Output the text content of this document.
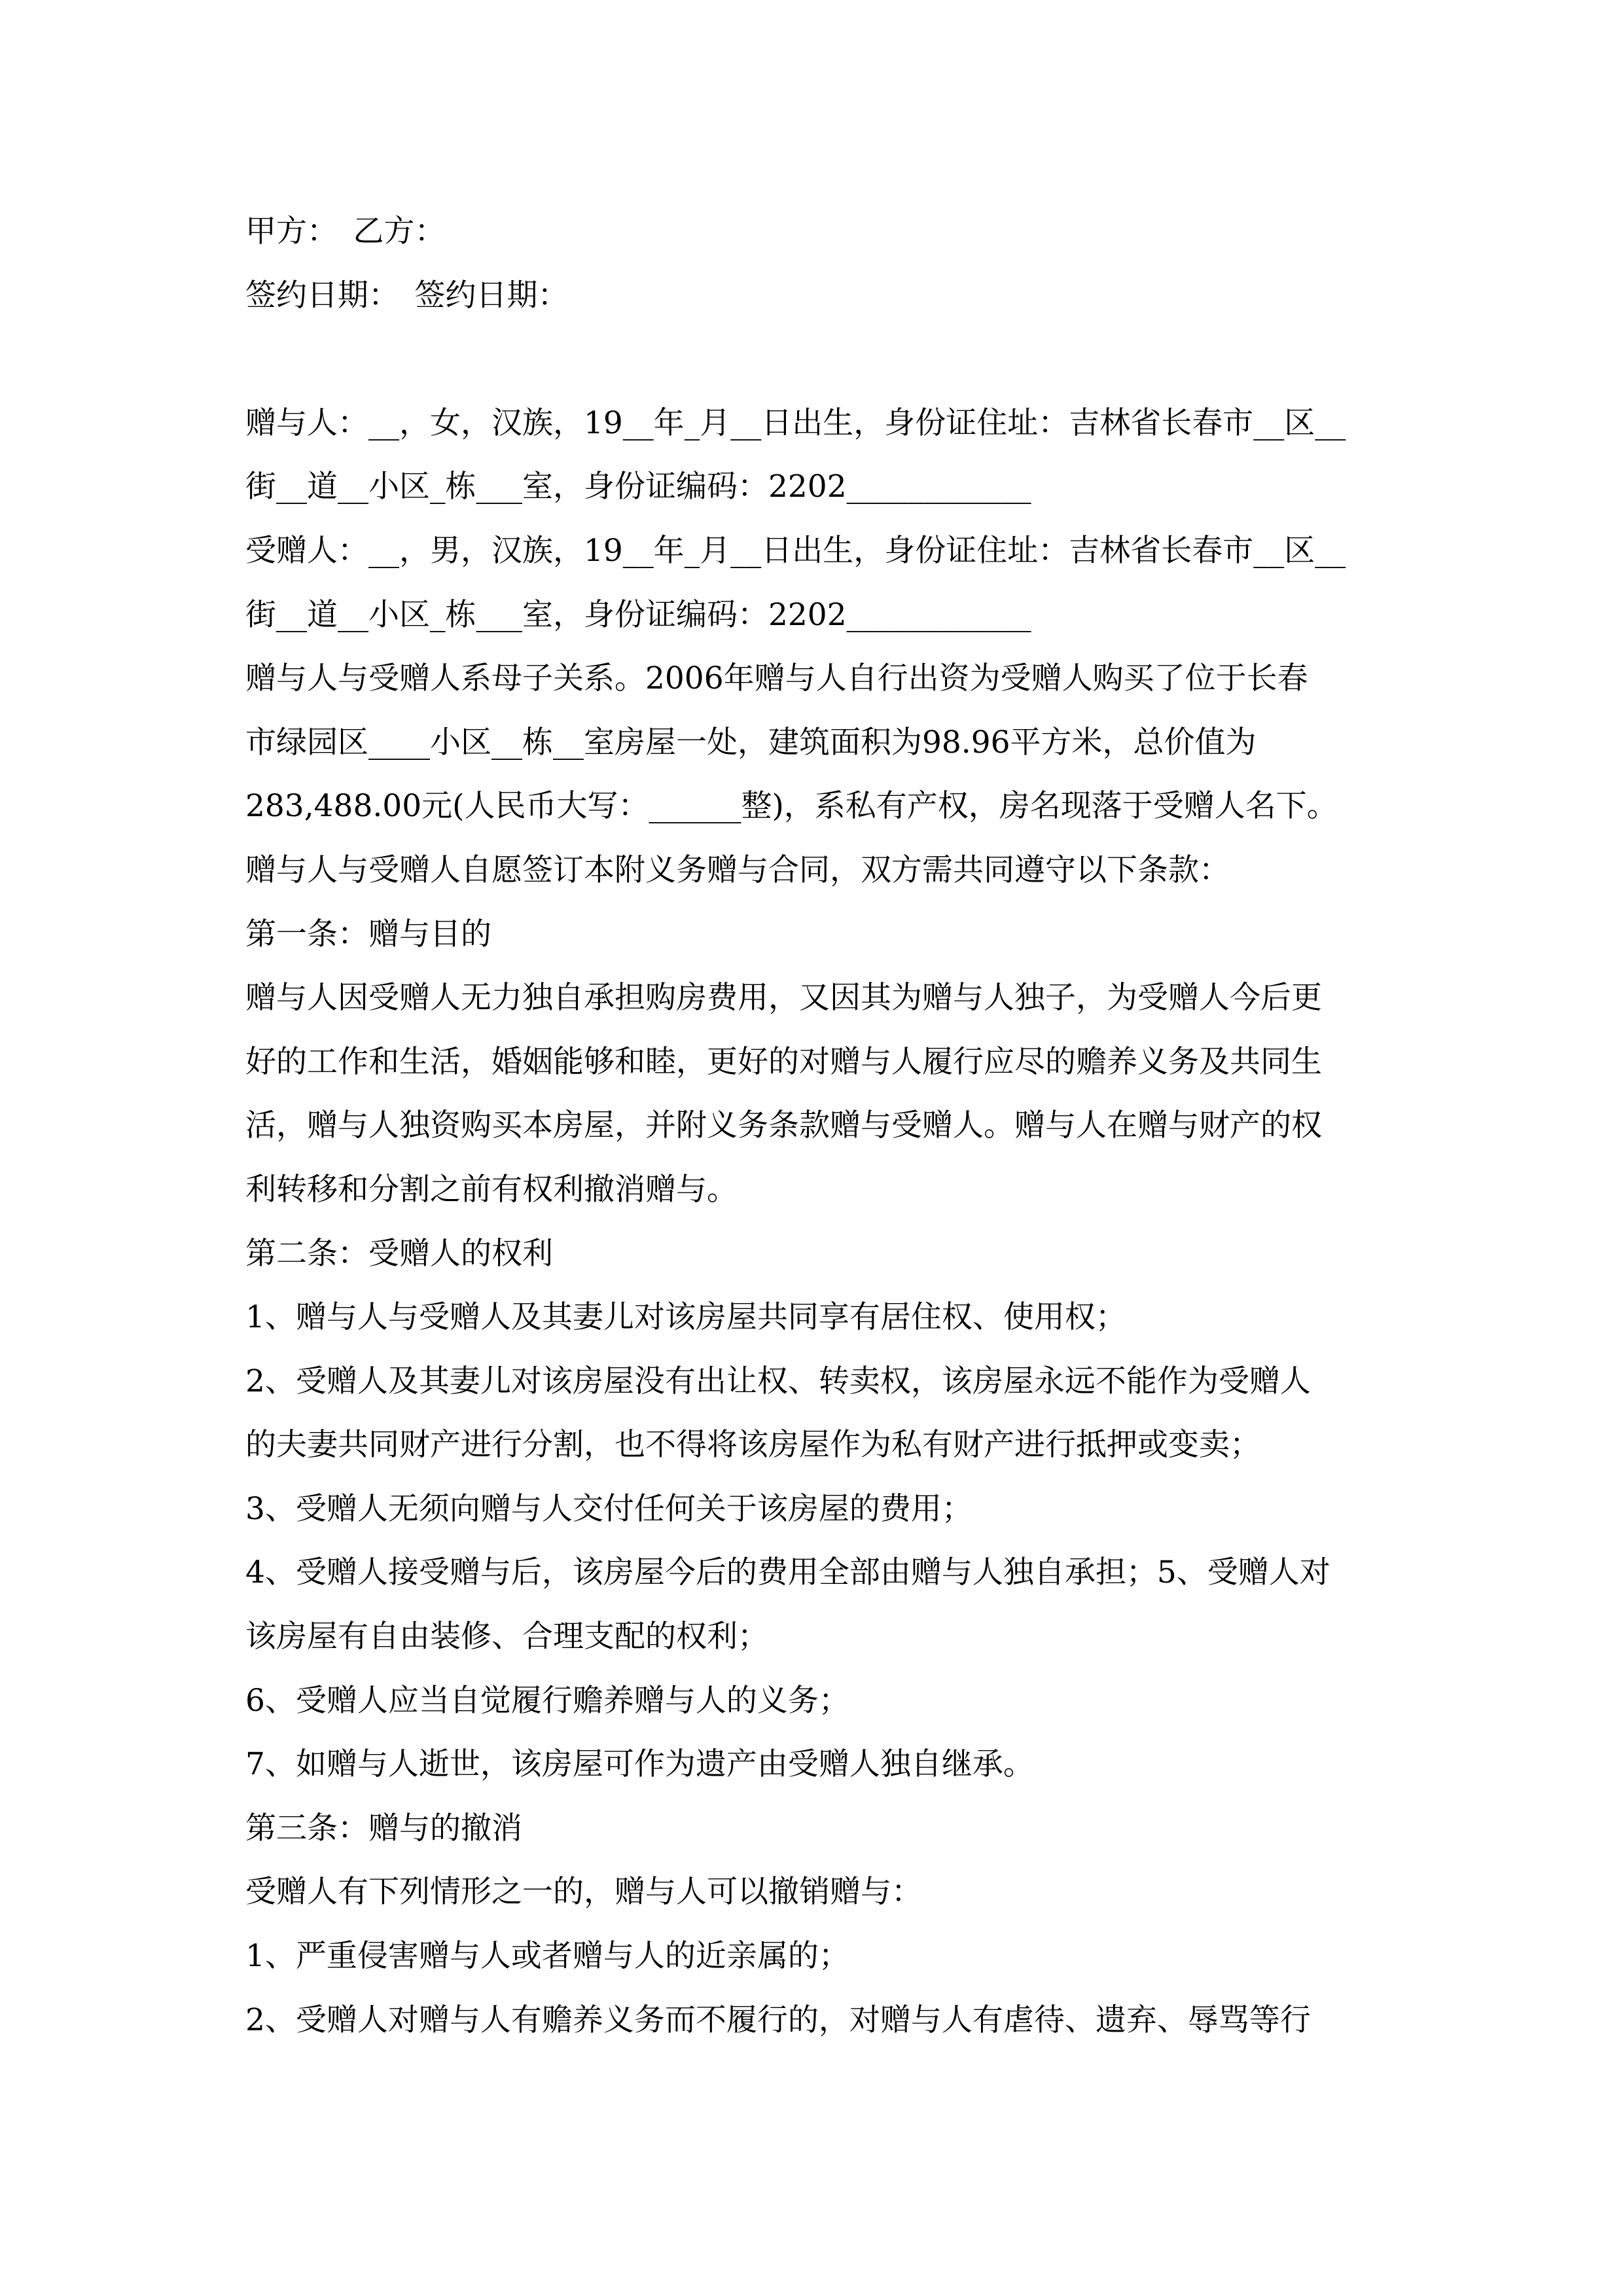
甲方：　乙方：
签约日期：　签约日期：
赠与人：__，女，汉族，19__年_月__日出生，身份证住址：吉林省长春市__区__
街__道__小区_栋___室，身份证编码：2202____________
受赠人：__，男，汉族，19__年_月__日出生，身份证住址：吉林省长春市__区__
街__道__小区_栋___室，身份证编码：2202____________
赠与人与受赠人系母子关系。2006年赠与人自行出资为受赠人购买了位于长春
市绿园区____小区__栋__室房屋一处，建筑面积为98.96平方米，总价值为
283,488.00元(人民币大写：______整)，系私有产权，房名现落于受赠人名下。
赠与人与受赠人自愿签订本附义务赠与合同，双方需共同遵守以下条款：
第一条：赠与目的
赠与人因受赠人无力独自承担购房费用，又因其为赠与人独子，为受赠人今后更
好的工作和生活，婚姻能够和睦，更好的对赠与人履行应尽的赡养义务及共同生
活，赠与人独资购买本房屋，并附义务条款赠与受赠人。赠与人在赠与财产的权
利转移和分割之前有权利撤消赠与。
第二条：受赠人的权利
1、赠与人与受赠人及其妻儿对该房屋共同享有居住权、使用权；
2、受赠人及其妻儿对该房屋没有出让权、转卖权，该房屋永远不能作为受赠人
的夫妻共同财产进行分割，也不得将该房屋作为私有财产进行抵押或变卖；
3、受赠人无须向赠与人交付任何关于该房屋的费用；
4、受赠人接受赠与后，该房屋今后的费用全部由赠与人独自承担；5、受赠人对
该房屋有自由装修、合理支配的权利；
6、受赠人应当自觉履行赡养赠与人的义务；
7、如赠与人逝世，该房屋可作为遗产由受赠人独自继承。
第三条：赠与的撤消
受赠人有下列情形之一的，赠与人可以撤销赠与：
1、严重侵害赠与人或者赠与人的近亲属的；
2、受赠人对赠与人有赡养义务而不履行的，对赠与人有虐待、遗弃、辱骂等行
